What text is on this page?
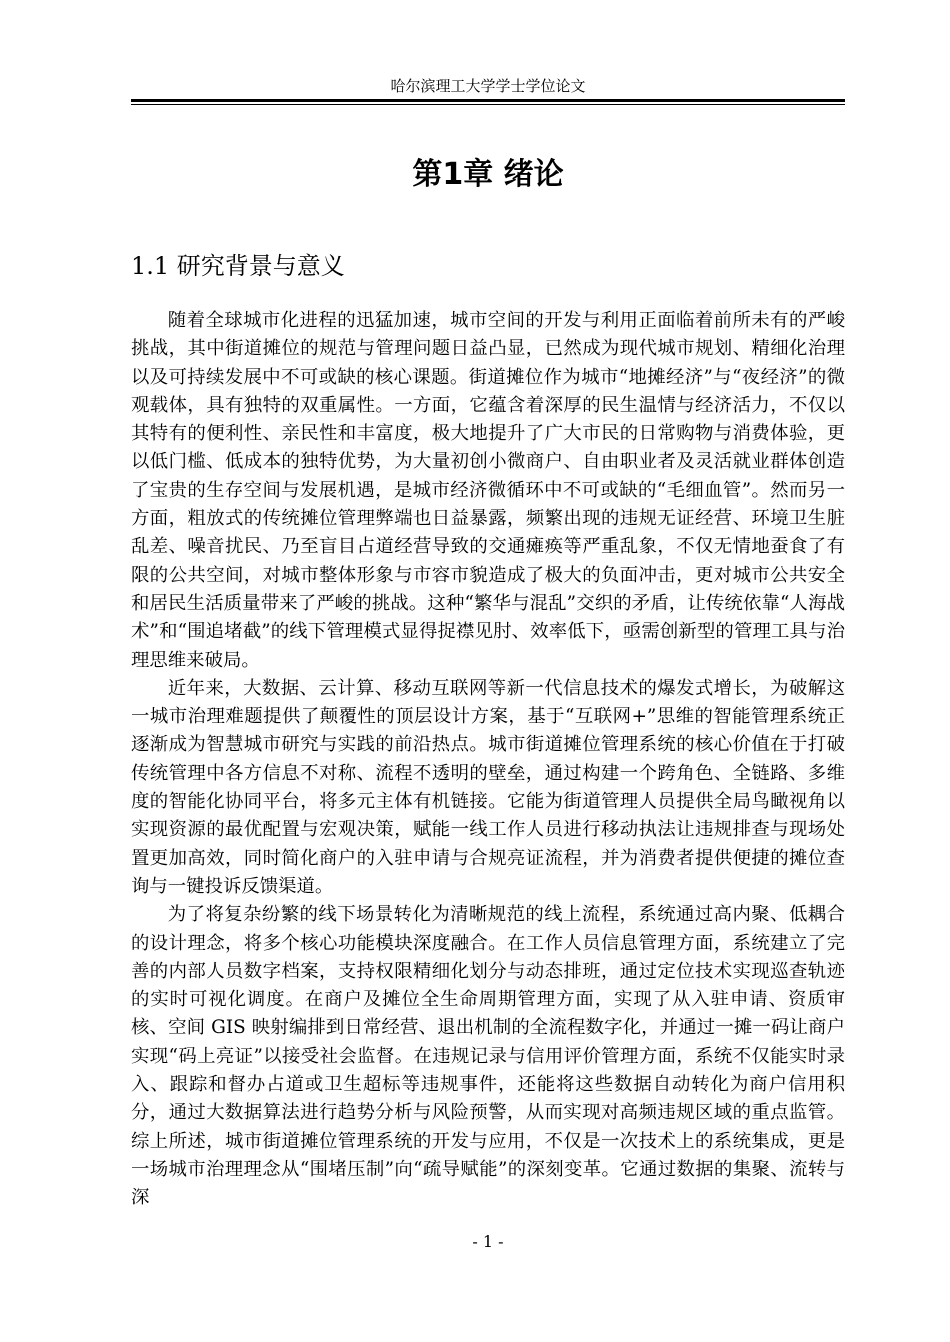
哈尔滨理工大学学士学位论文
第1章 绪论
1.1 研究背景与意义

随着全球城市化进程的迅猛加速，城市空间的开发与利用正面临着前所未有的严峻挑战，其中街道摊位的规范与管理问题日益凸显，已然成为现代城市规划、精细化治理以及可持续发展中不可或缺的核心课题。街道摊位作为城市“地摊经济”与“夜经济”的微观载体，具有独特的双重属性。一方面，它蕴含着深厚的民生温情与经济活力，不仅以其特有的便利性、亲民性和丰富度，极大地提升了广大市民的日常购物与消费体验，更以低门槛、低成本的独特优势，为大量初创小微商户、自由职业者及灵活就业群体创造了宝贵的生存空间与发展机遇，是城市经济微循环中不可或缺的“毛细血管”。然而另一方面，粗放式的传统摊位管理弊端也日益暴露，频繁出现的违规无证经营、环境卫生脏乱差、噪音扰民、乃至盲目占道经营导致的交通瘫痪等严重乱象，不仅无情地蚕食了有限的公共空间，对城市整体形象与市容市貌造成了极大的负面冲击，更对城市公共安全和居民生活质量带来了严峻的挑战。这种“繁华与混乱”交织的矛盾，让传统依靠“人海战术”和“围追堵截”的线下管理模式显得捉襟见肘、效率低下，亟需创新型的管理工具与治理思维来破局。

近年来，大数据、云计算、移动互联网等新一代信息技术的爆发式增长，为破解这一城市治理难题提供了颠覆性的顶层设计方案，基于“互联网+”思维的智能管理系统正逐渐成为智慧城市研究与实践的前沿热点。城市街道摊位管理系统的核心价值在于打破传统管理中各方信息不对称、流程不透明的壁垒，通过构建一个跨角色、全链路、多维度的智能化协同平台，将多元主体有机链接。它能为街道管理人员提供全局鸟瞰视角以实现资源的最优配置与宏观决策，赋能一线工作人员进行移动执法让违规排查与现场处置更加高效，同时简化商户的入驻申请与合规亮证流程，并为消费者提供便捷的摊位查询与一键投诉反馈渠道。

为了将复杂纷繁的线下场景转化为清晰规范的线上流程，系统通过高内聚、低耦合的设计理念，将多个核心功能模块深度融合。在工作人员信息管理方面，系统建立了完善的内部人员数字档案，支持权限精细化划分与动态排班，通过定位技术实现巡查轨迹的实时可视化调度。在商户及摊位全生命周期管理方面，实现了从入驻申请、资质审核、空间 GIS 映射编排到日常经营、退出机制的全流程数字化，并通过一摊一码让商户实现“码上亮证”以接受社会监督。在违规记录与信用评价管理方面，系统不仅能实时录入、跟踪和督办占道或卫生超标等违规事件，还能将这些数据自动转化为商户信用积分，通过大数据算法进行趋势分析与风险预警，从而实现对高频违规区域的重点监管。综上所述，城市街道摊位管理系统的开发与应用，不仅是一次技术上的系统集成，更是一场城市治理理念从“围堵压制”向“疏导赋能”的深刻变革。它通过数据的集聚、流转与深

- 1 -
